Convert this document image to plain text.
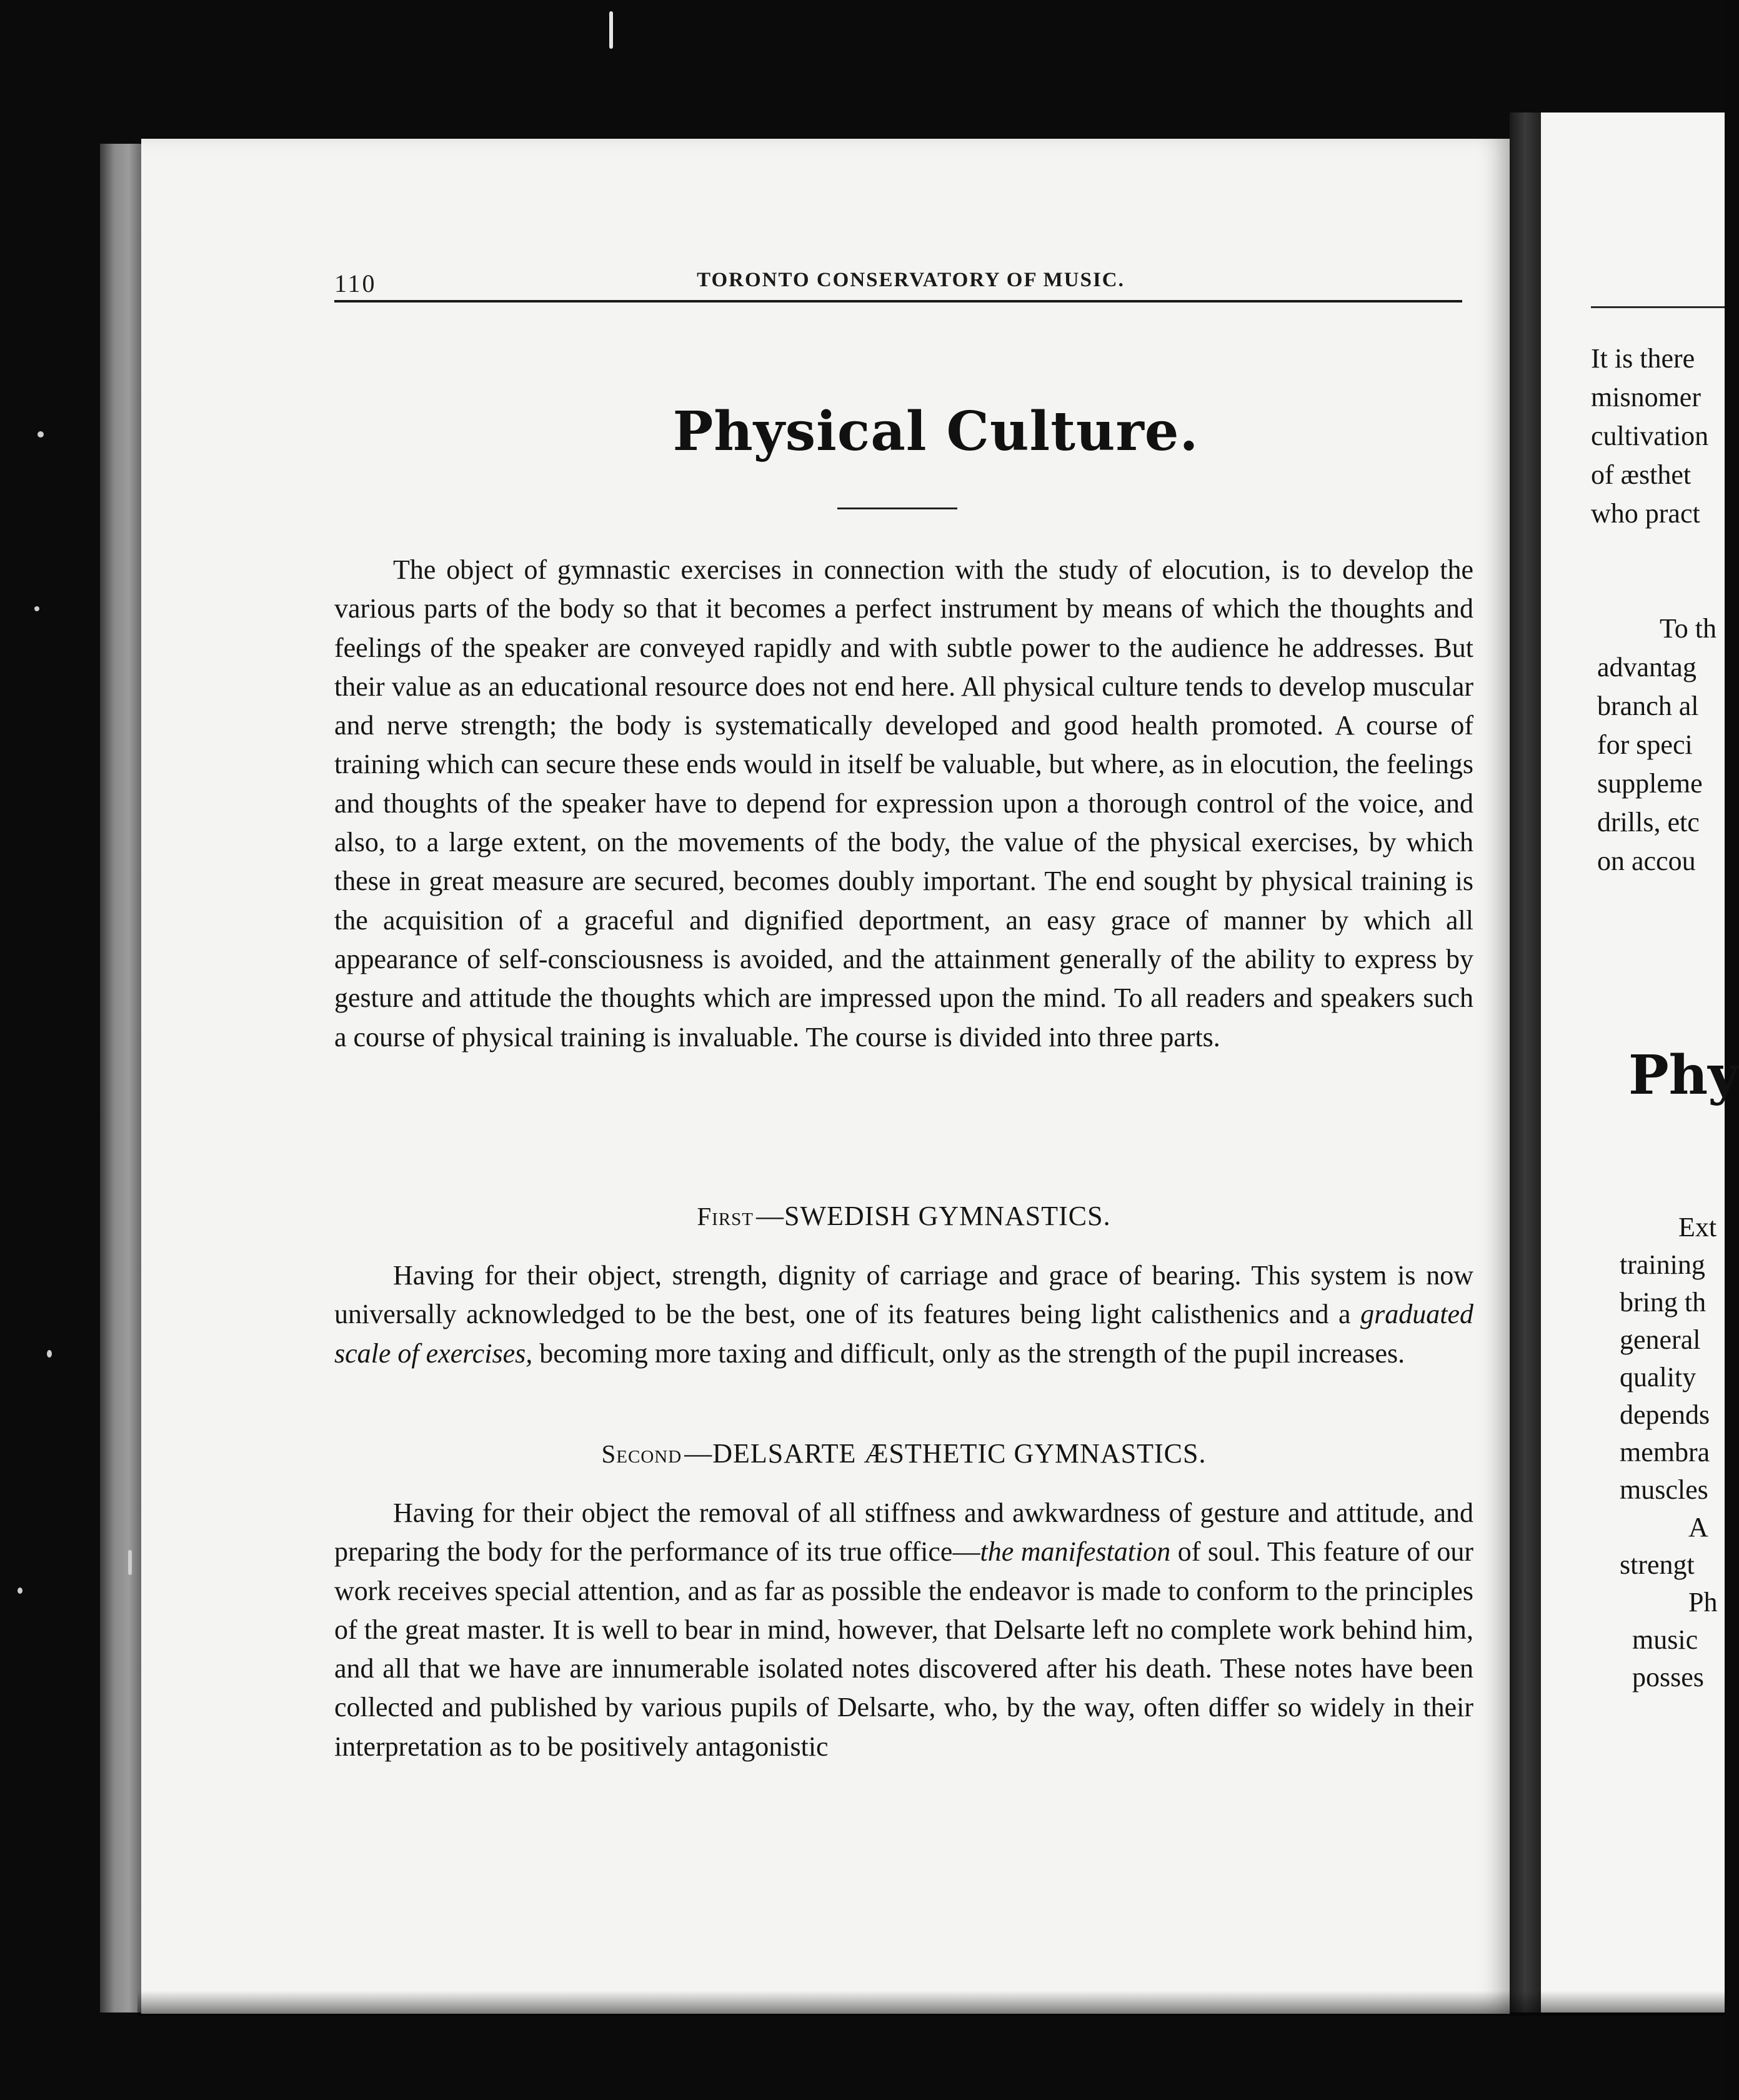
110	TORONTO CONSERVATORY OF MUSIC.
Physical Culture.

The object of gymnastic exercises in connection with the study of elocution, is to develop the various parts of the body so that it becomes a perfect instrument by means of which the thoughts and feelings of the speaker are conveyed rapidly and with subtle power to the audience he addresses. But their value as an educational resource does not end here. All physical culture tends to develop muscular and nerve strength; the body is systematically developed and good health promoted. A course of training which can secure these ends would in itself be valuable, but where, as in elocution, the feelings and thoughts of the speaker have to depend for expression upon a thorough control of the voice, and also, to a large extent, on the movements of the body, the value of the physical exercises, by which these in great measure are secured, becomes doubly important. The end sought by physical training is the acquisition of a graceful and dignified deportment, an easy grace of manner by which all appearance of self-consciousness is avoided, and the attainment generally of the ability to express by gesture and attitude the thoughts which are impressed upon the mind. To all readers and speakers such a course of physical training is invaluable. The course is divided into three parts.

First—SWEDISH GYMNASTICS.

Having for their object, strength, dignity of carriage and grace of bearing. This system is now universally acknowledged to be the best, one of its features being light calisthenics and a graduated scale of exercises, becoming more taxing and difficult, only as the strength of the pupil increases.

Second—DELSARTE ÆSTHETIC GYMNASTICS.

Having for their object the removal of all stiffness and awkwardness of gesture and attitude, and preparing the body for the performance of its true office—the manifestation of soul. This feature of our work receives special attention, and as far as possible the endeavor is made to conform to the principles of the great master. It is well to bear in mind, however, that Delsarte left no complete work behind him, and all that we have are innumerable isolated notes discovered after his death. These notes have been collected and published by various pupils of Delsarte, who, by the way, often differ so widely in their interpretation as to be positively antagonistic

It is there
misnomer
cultivation
of æsthet
who pract
To th
advantag
branch al
for speci
suppleme
drills, etc
on accou
Phy
Ext
training
bring th
general
quality
depends
membra
muscles
A
strengt
Ph
music
posses
